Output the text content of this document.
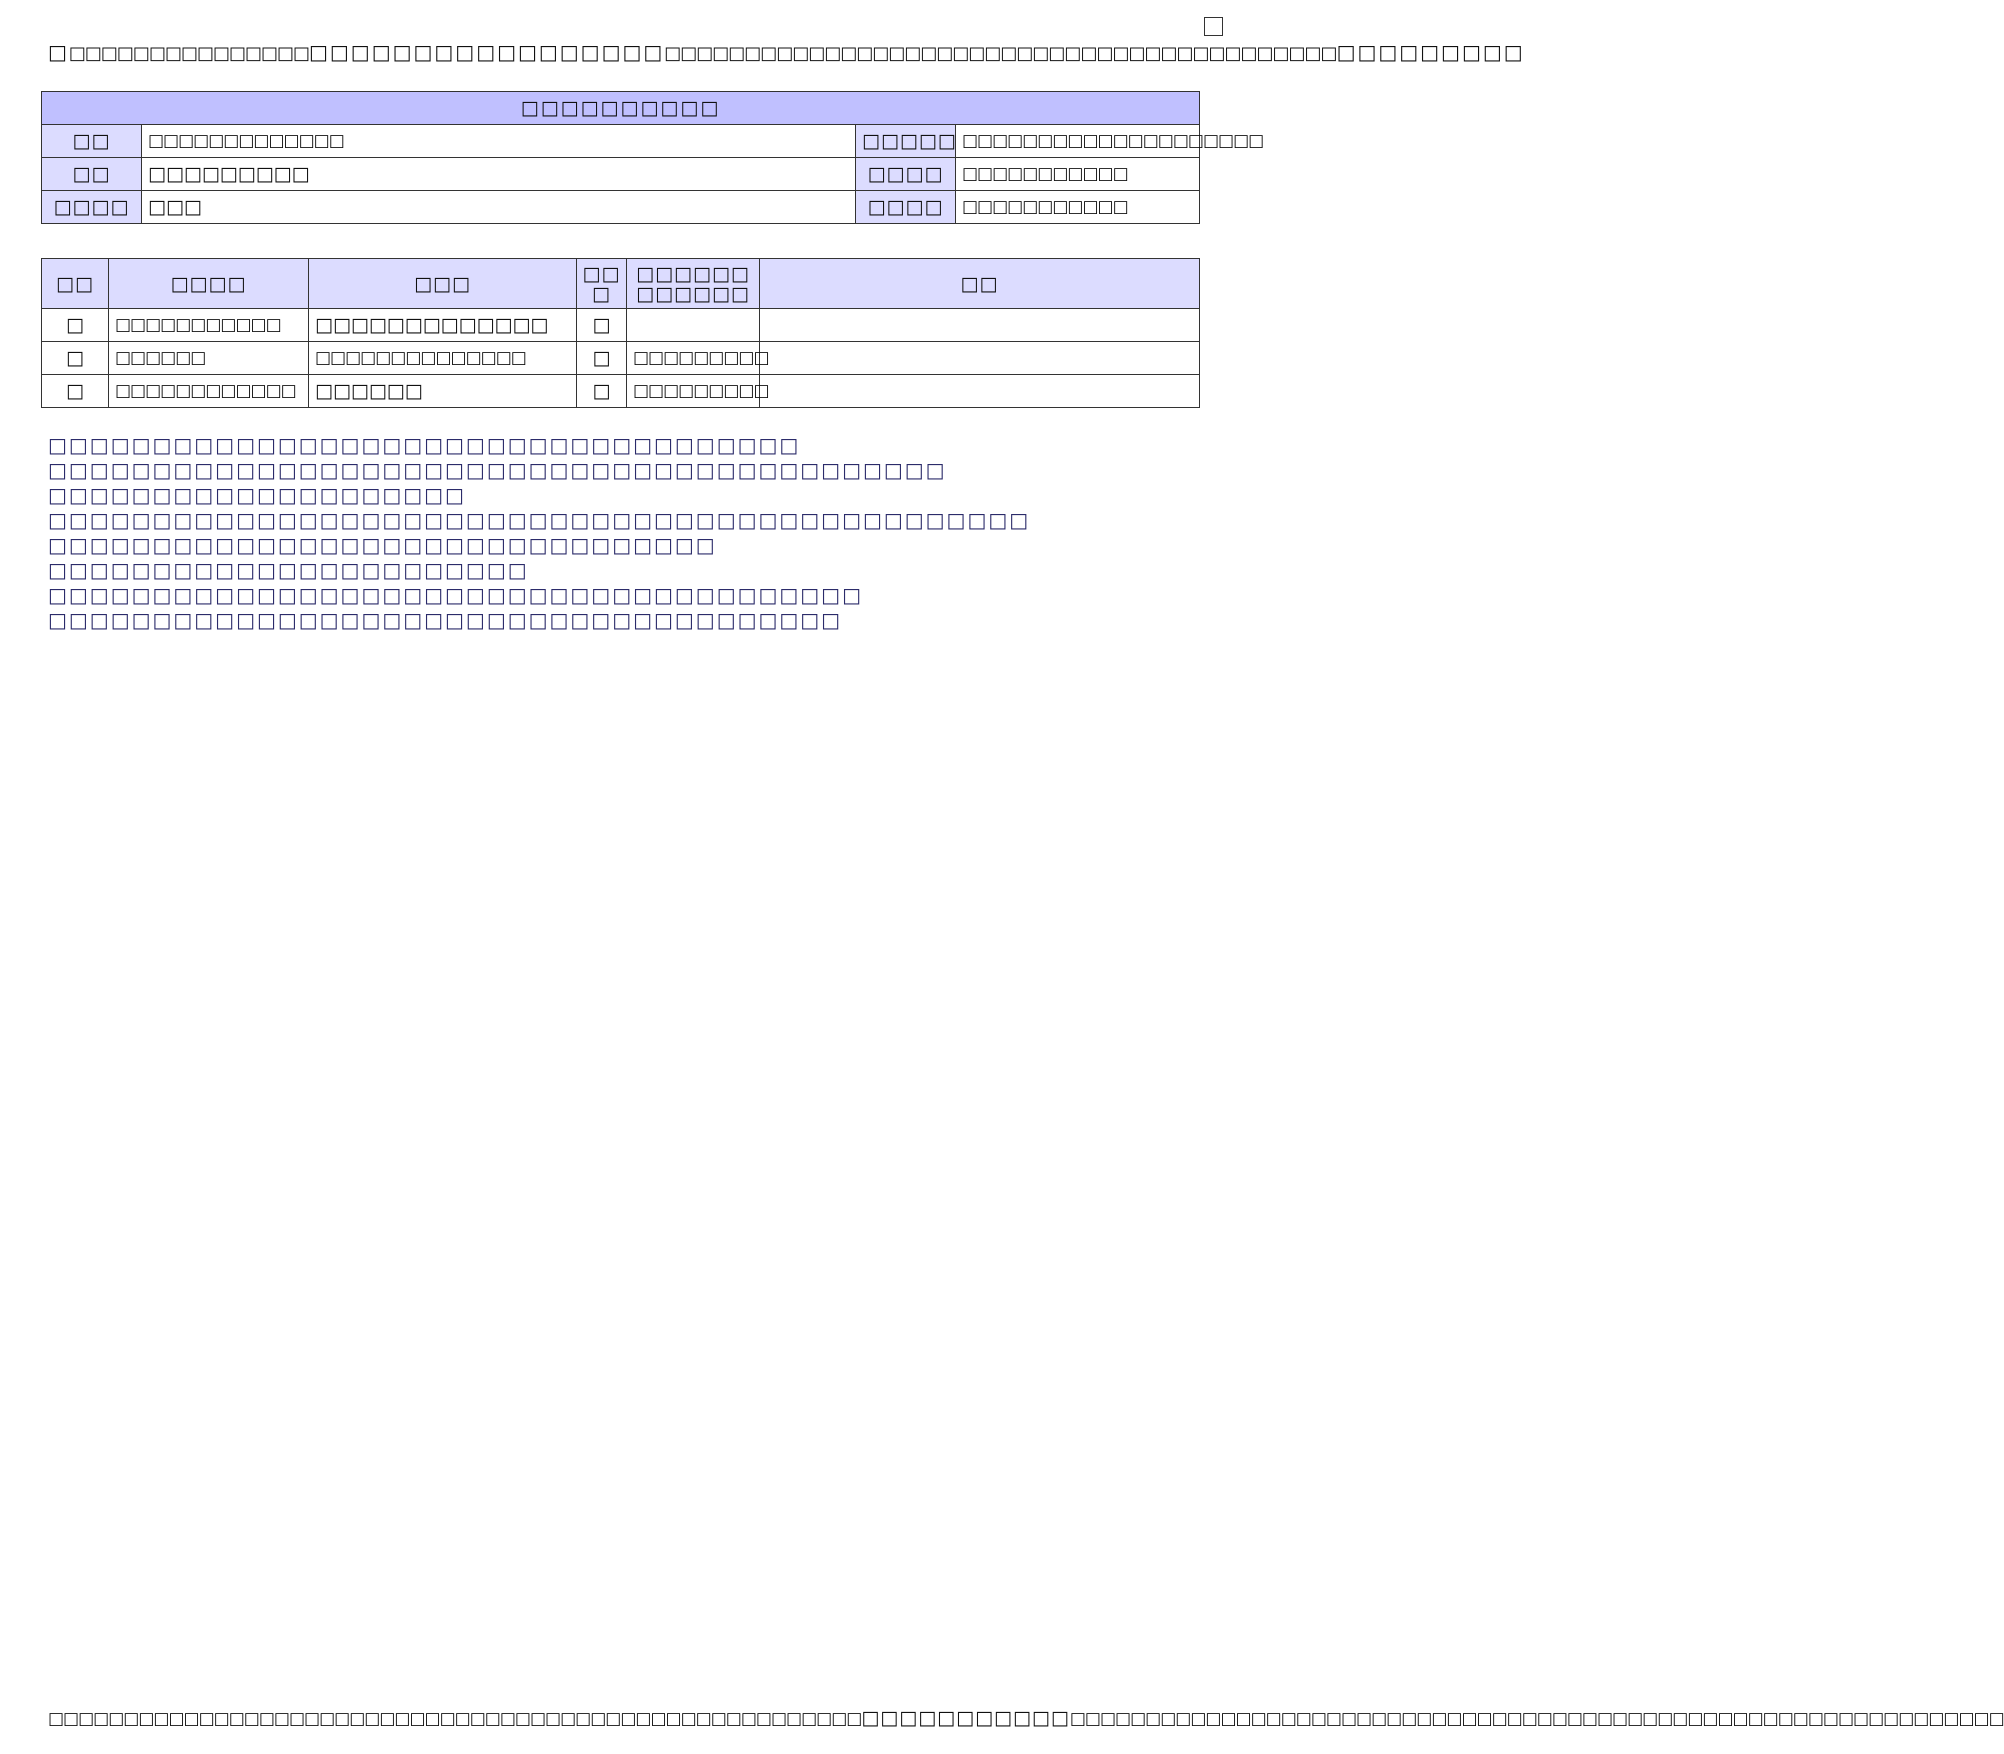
□□□□□□□□□□□□□□□□□□□□□□□□□□□□□□□□□□□□□□□□□□□□□□□□□□□□□□□□□□□□□□□□□□□□□□□□□□□□□□□□□□□□
□□□□□□□□□□			
□□	□□□□□□□□□□□□□	□□□□□	□□□□□□□□□□□□□□□□□□□□
□□	□□□□□□□□□	□□□□	□□□□□□□□□□□
□□□□	□□□	□□□□	□□□□□□□□□□□
□□	□□□□	□□□	□□□	□□□□□□□□□□□□	□□
□	□□□□□□□□□□□	□□□□□□□□□□□□□	□		
□	□□□□□□	□□□□□□□□□□□□□□	□	□□□□□□□□□	
□	□□□□□□□□□□□□	□□□□□□	□	□□□□□□□□□	
□□□□□□□□□□□□□□□□□□□□□□□□□□□□□□□□□□□□
□□□□□□□□□□□□□□□□□□□□□□□□□□□□□□□□□□□□□□□□□□□
□□□□□□□□□□□□□□□□□□□□
□□□□□□□□□□□□□□□□□□□□□□□□□□□□□□□□□□□□□□□□□□□□□□□
□□□□□□□□□□□□□□□□□□□□□□□□□□□□□□□□
□□□□□□□□□□□□□□□□□□□□□□□
□□□□□□□□□□□□□□□□□□□□□□□□□□□□□□□□□□□□□□□
□□□□□□□□□□□□□□□□□□□□□□□□□□□□□□□□□□□□□□
□□□□□□□□□□□□□□□□□□□□□□□□□□□□□□□□□□□□□□□□□□□□□□□□□□□□□□□□□□□□□□□□□□□□□□□□□□□□□□□□□□□□□□□□□□□□□□□□□□□□□□□□□□□□□□□□□□□□□□□□□□□□□□□
